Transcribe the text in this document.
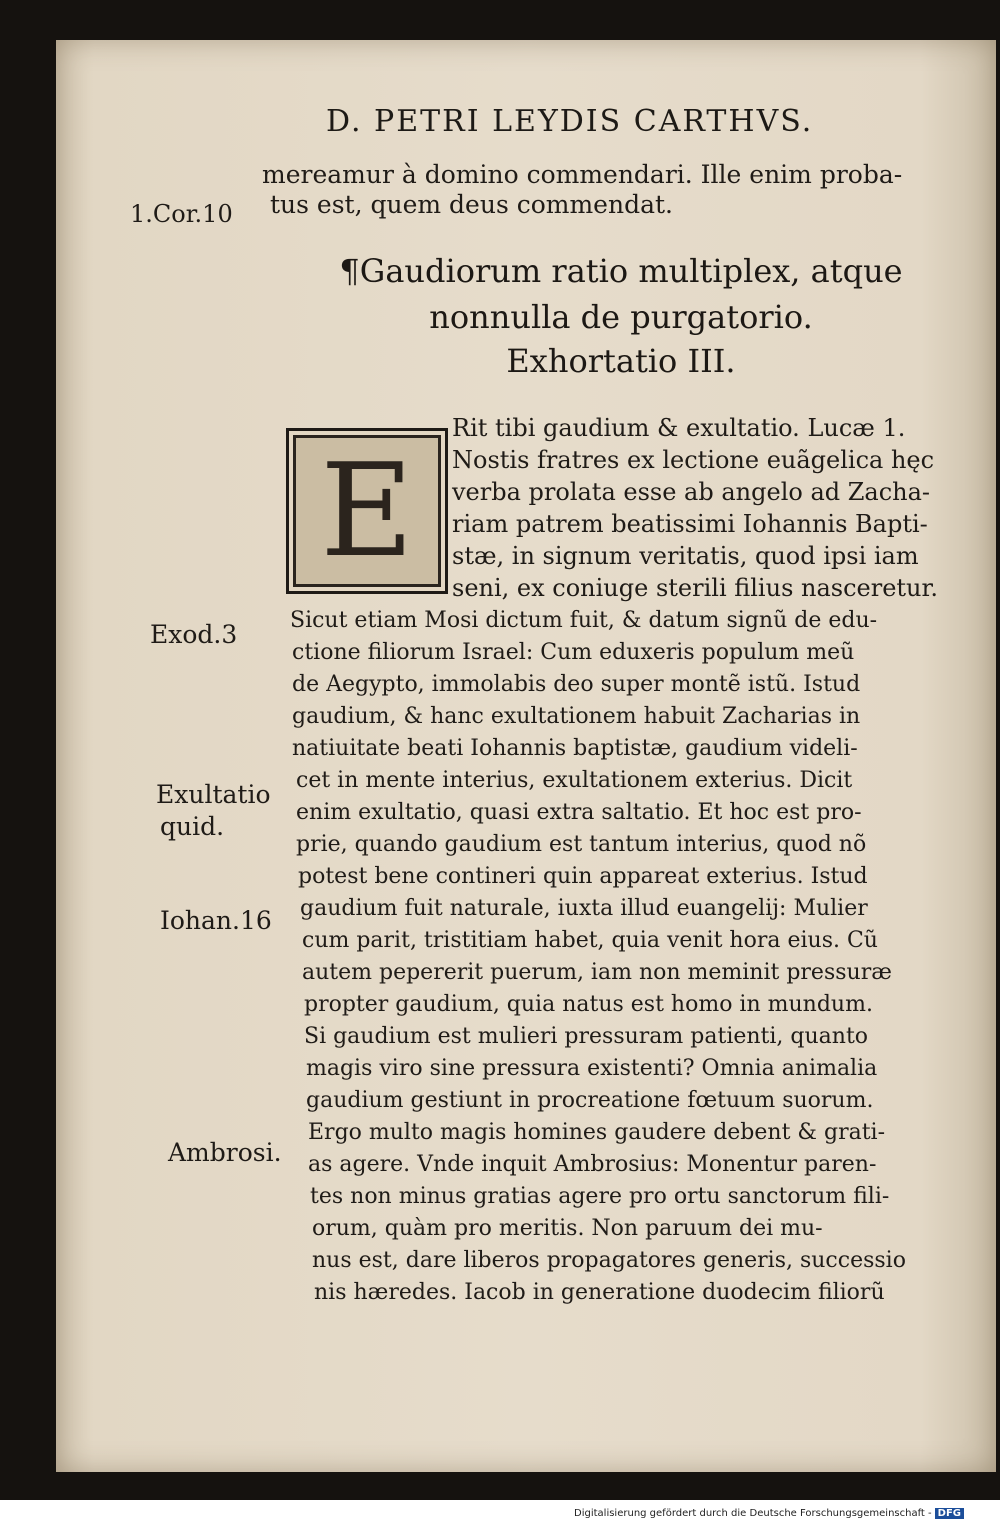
D. PETRI LEYDIS CARTHVS.
mereamur à domino commendari. Ille enim proba-
tus est, quem deus commendat.
1.Cor.10
¶Gaudiorum ratio multiplex, atque
nonnulla de purgatorio.
Exhortatio III.
E
Rit tibi gaudium & exultatio. Lucæ 1.
Nostis fratres ex lectione euãgelica hęc
verba prolata esse ab angelo ad Zacha-
riam patrem beatissimi Iohannis Bapti-
stæ, in signum veritatis, quod ipsi iam
seni, ex coniuge sterili filius nasceretur.
Sicut etiam Mosi dictum fuit, & datum signũ de edu-
ctione filiorum Israel: Cum eduxeris populum meũ
de Aegypto, immolabis deo super montẽ istũ. Istud
gaudium, & hanc exultationem habuit Zacharias in
natiuitate beati Iohannis baptistæ, gaudium videli-
cet in mente interius, exultationem exterius. Dicit
enim exultatio, quasi extra saltatio. Et hoc est pro-
prie, quando gaudium est tantum interius, quod nõ
potest bene contineri quin appareat exterius. Istud
gaudium fuit naturale, iuxta illud euangelij: Mulier
cum parit, tristitiam habet, quia venit hora eius. Cũ
autem pepererit puerum, iam non meminit pressuræ
propter gaudium, quia natus est homo in mundum.
Si gaudium est mulieri pressuram patienti, quanto
magis viro sine pressura existenti? Omnia animalia
gaudium gestiunt in procreatione fœtuum suorum.
Ergo multo magis homines gaudere debent & grati-
as agere. Vnde inquit Ambrosius: Monentur paren-
tes non minus gratias agere pro ortu sanctorum fili-
orum, quàm pro meritis. Non paruum dei mu-
nus est, dare liberos propagatores generis, successio
nis hæredes. Iacob in generatione duodecim filiorũ
Exod.3
Exultatio
quid.
Iohan.16
Ambrosi.
Digitalisierung gefördert durch die Deutsche Forschungsgemeinschaft - DFG
